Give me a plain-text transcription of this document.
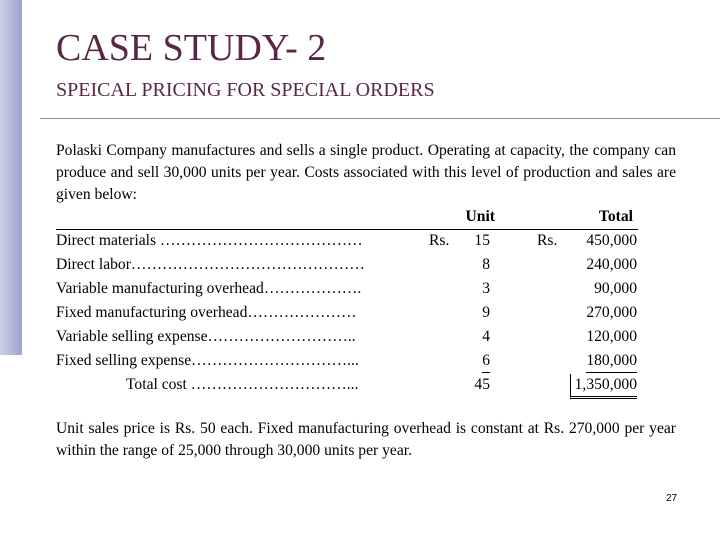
CASE STUDY- 2
SPEICAL PRICING FOR SPECIAL ORDERS
Polaski Company manufactures and sells a single product. Operating at capacity, the company can produce and sell 30,000 units per year. Costs associated with this level of production and sales are given below:
Unit	Total
Direct materials …………………………………	Rs. 15	Rs. 450,000
Direct labor………………………………………	8	240,000
Variable manufacturing overhead……………….	3	90,000
Fixed manufacturing overhead…………………	9	270,000
Variable selling expense………………………..	4	120,000
Fixed selling expense…………………………...	6	180,000
Total cost …………………………...	45	1,350,000
Unit sales price is Rs. 50 each. Fixed manufacturing overhead is constant at Rs. 270,000 per year within the range of 25,000 through 30,000 units per year.
27
